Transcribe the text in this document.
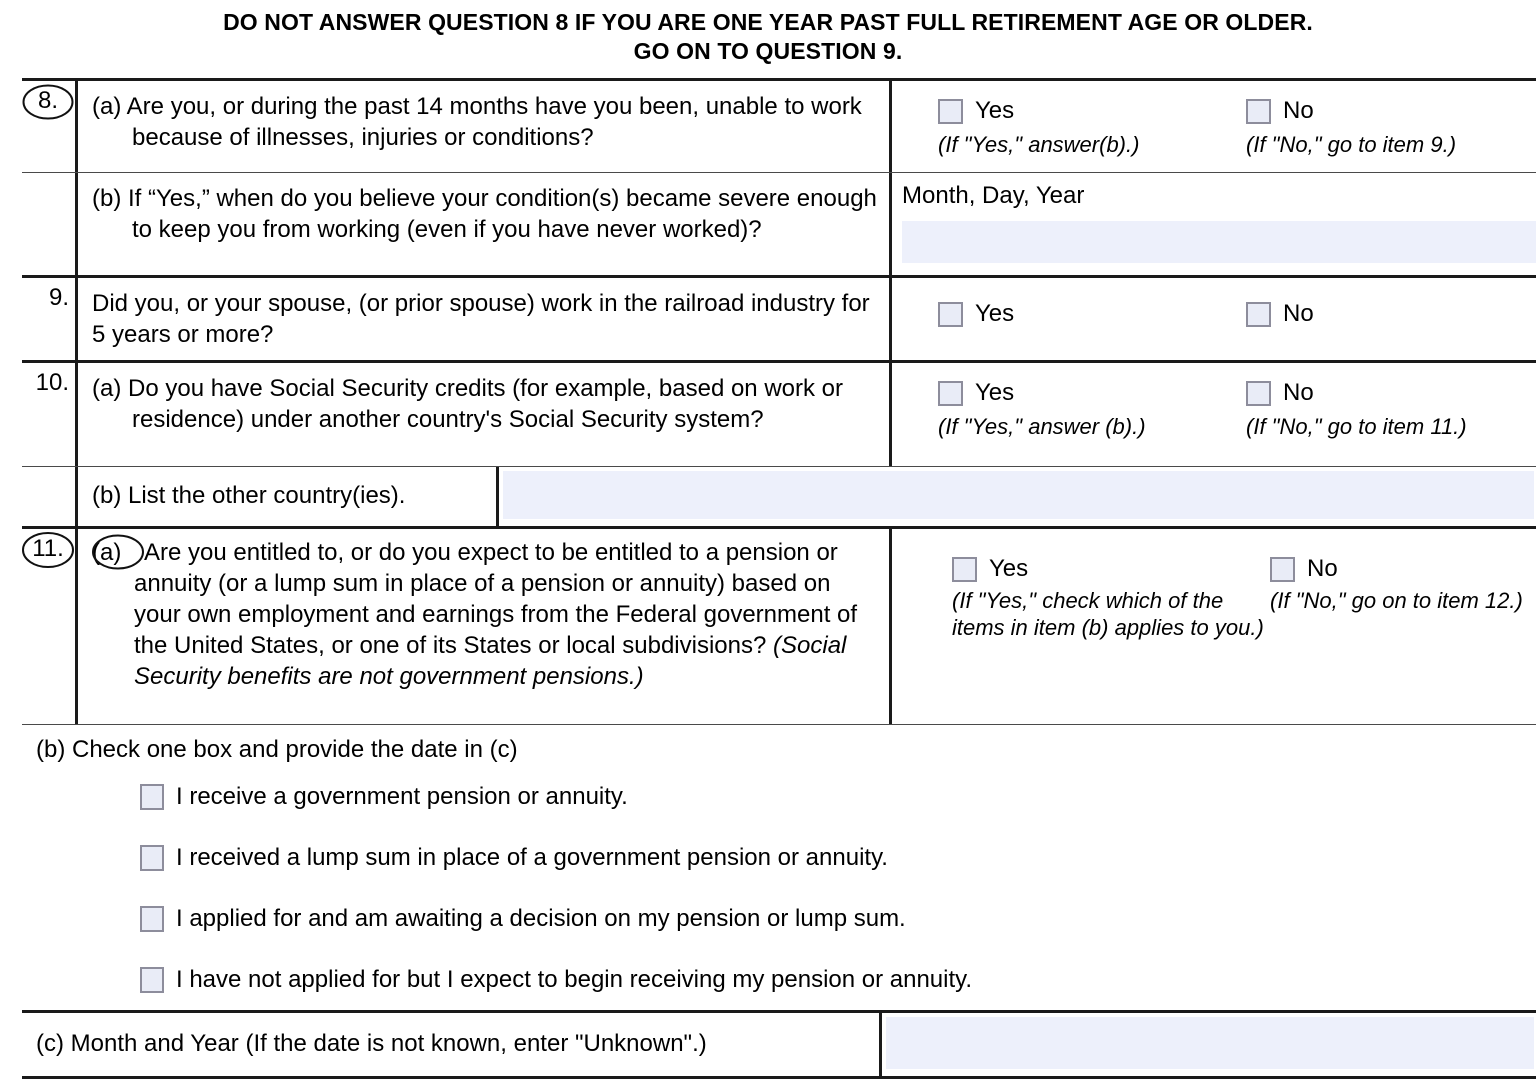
DO NOT ANSWER QUESTION 8 IF YOU ARE ONE YEAR PAST FULL RETIREMENT AGE OR OLDER.
GO ON TO QUESTION 9.
8.	(a) Are you, or during the past 14 months have you been, unable to work because of illnesses, injuries or conditions?
Yes
(If "Yes," answer(b).)
No
(If "No," go to item 9.)
(b) If “Yes,” when do you believe your condition(s) became severe enough to keep you from working (even if you have never worked)?
Month, Day, Year
9. Did you, or your spouse, (or prior spouse) work in the railroad industry for 5 years or more?
Yes	No
10. (a) Do you have Social Security credits (for example, based on work or residence) under another country's Social Security system?
Yes
(If "Yes," answer (b).)
No
(If "No," go to item 11.)
(b) List the other country(ies).
11.	(a) Are you entitled to, or do you expect to be entitled to a pension or annuity (or a lump sum in place of a pension or annuity) based on your own employment and earnings from the Federal government of the United States, or one of its States or local subdivisions? (Social Security benefits are not government pensions.)
Yes
(If "Yes," check which of the items in item (b) applies to you.)
No
(If "No," go on to item 12.)
(b) Check one box and provide the date in (c)
I receive a government pension or annuity.
I received a lump sum in place of a government pension or annuity.
I applied for and am awaiting a decision on my pension or lump sum.
I have not applied for but I expect to begin receiving my pension or annuity.
(c) Month and Year (If the date is not known, enter "Unknown".)
